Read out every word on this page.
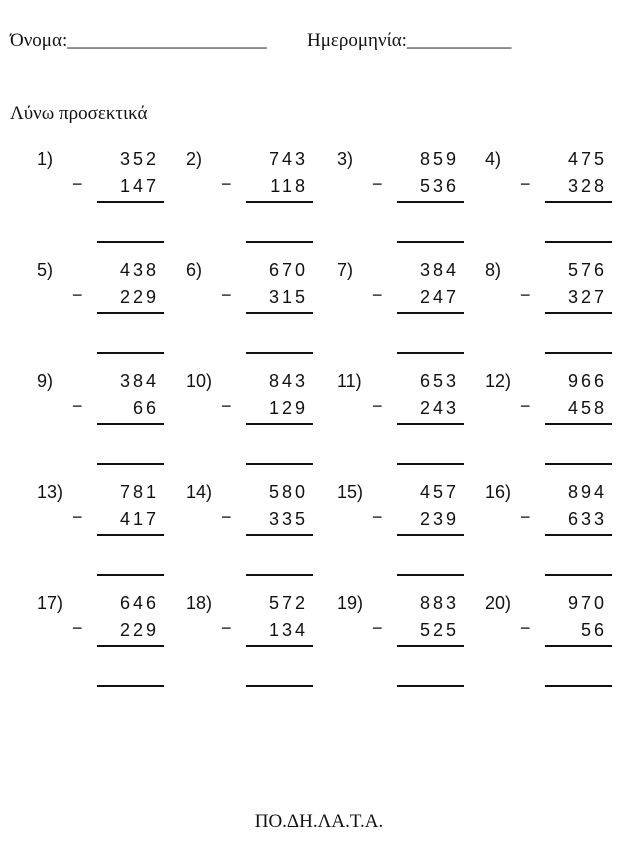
Όνομα:_____________________ Ημερομηνία:___________
Λύνω προσεκτικά
1)	352
− 147
2)	743
− 118
3)	859
− 536
4)	475
− 328
5)	438
− 229
6)	670
− 315
7)	384
− 247
8)	576
− 327
9)	384
−	66
10)	843
− 129
11)	653
− 243
12)	966
− 458
13)	781
− 417
14)	580
− 335
15)	457
− 239
16)	894
− 633
17)	646
− 229
18)	572
− 134
19)	883
− 525
20)	970
−	56
ΠΟ.ΔΗ.ΛΑ.Τ.Α.
